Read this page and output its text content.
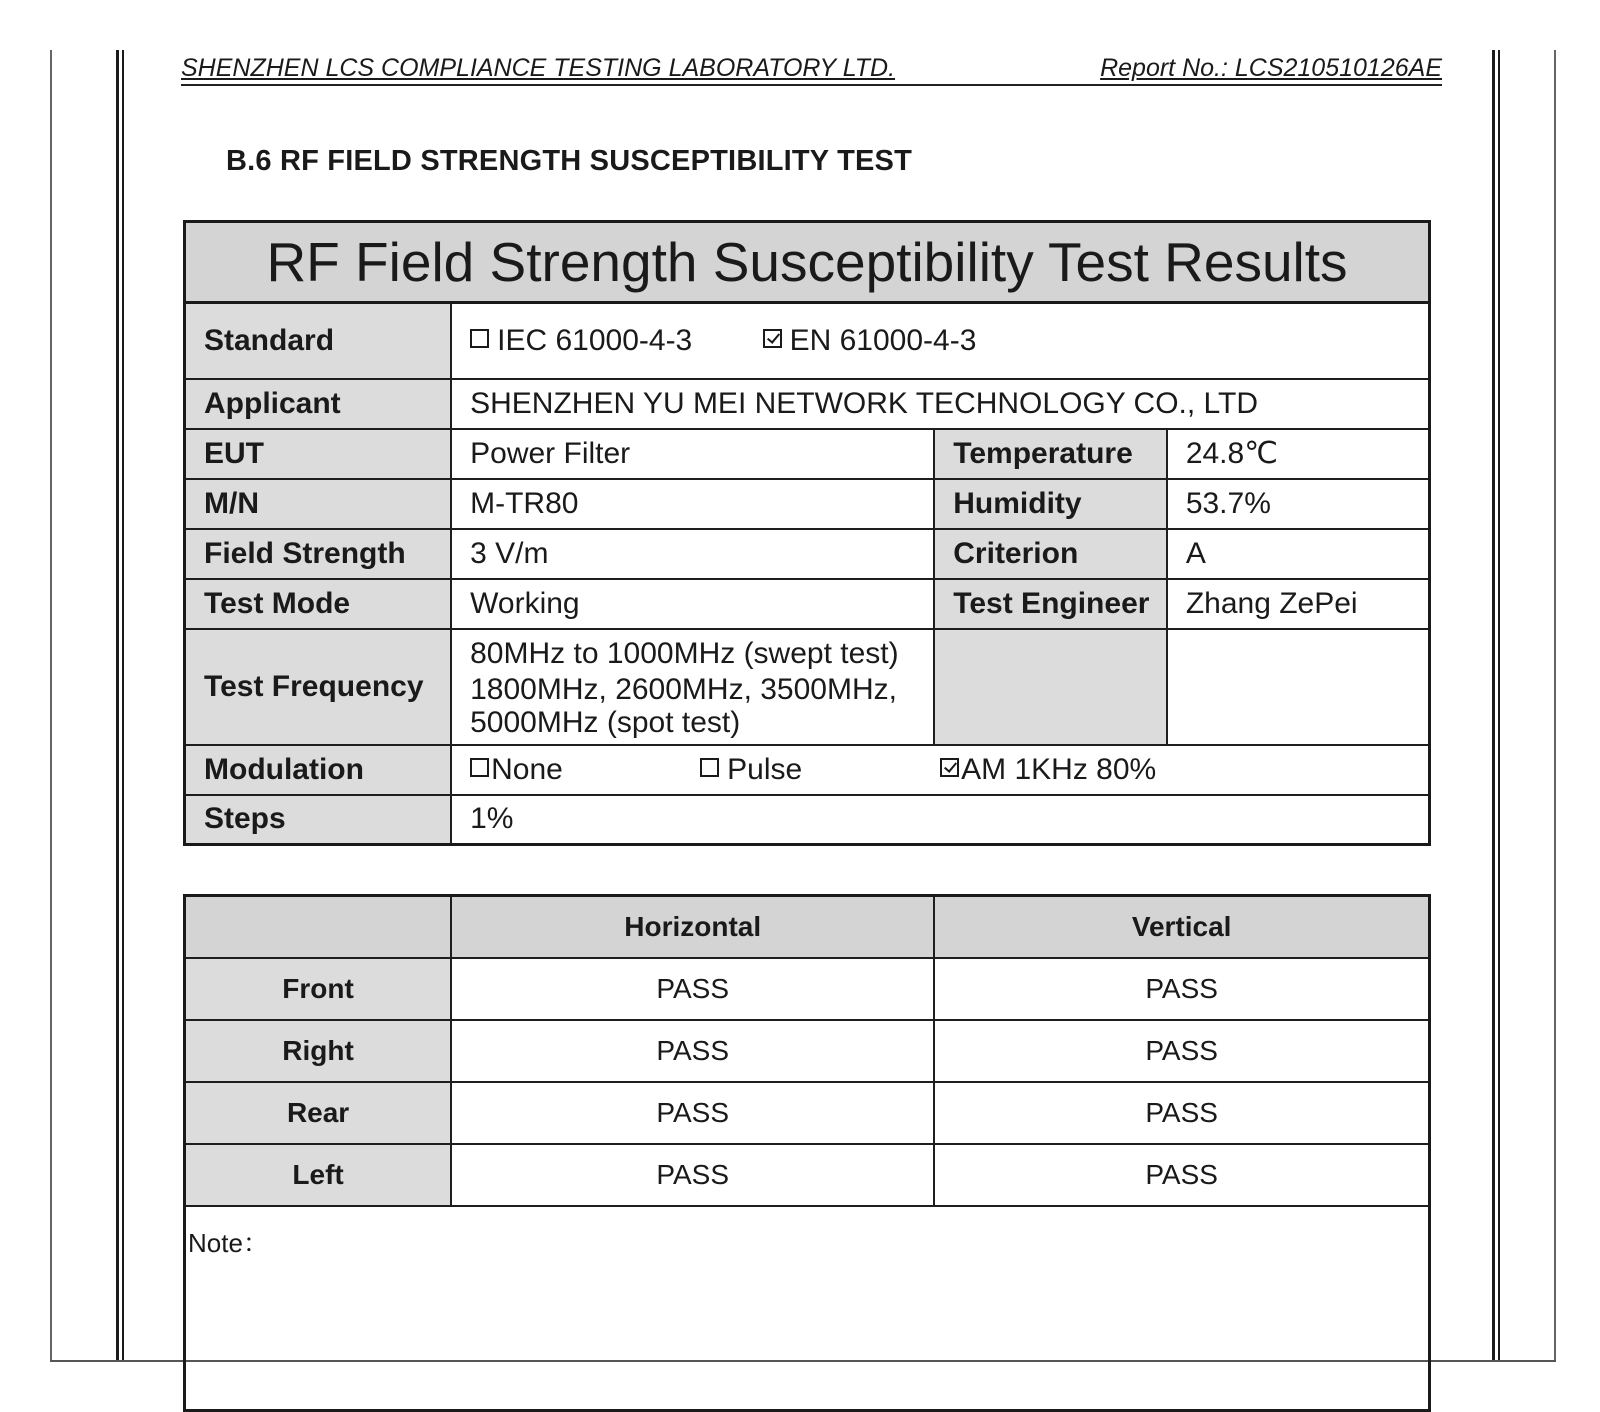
SHENZHEN LCS COMPLIANCE TESTING LABORATORY LTD.	Report No.: LCS210510126AE
B.6 RF FIELD STRENGTH SUSCEPTIBILITY TEST
RF Field Strength Susceptibility Test Results			
Standard	IEC 61000-4-3 EN 61000-4-3		
Applicant	SHENZHEN YU MEI NETWORK TECHNOLOGY CO., LTD		
EUT	Power Filter	Temperature	24.8℃
M/N	M-TR80	Humidity	53.7%
Field Strength	3 V/m	Criterion	A
Test Mode	Working	Test Engineer	Zhang ZePei
Test Frequency	80MHz to 1000MHz (swept test)
1800MHz, 2600MHz, 3500MHz,
5000MHz (spot test)		

Modulation	None Pulse AM 1KHz 80%		
Steps	1%		
	Horizontal	Vertical
Front	PASS	PASS
Right	PASS	PASS
Rear	PASS	PASS
Left	PASS	PASS
Note：		
